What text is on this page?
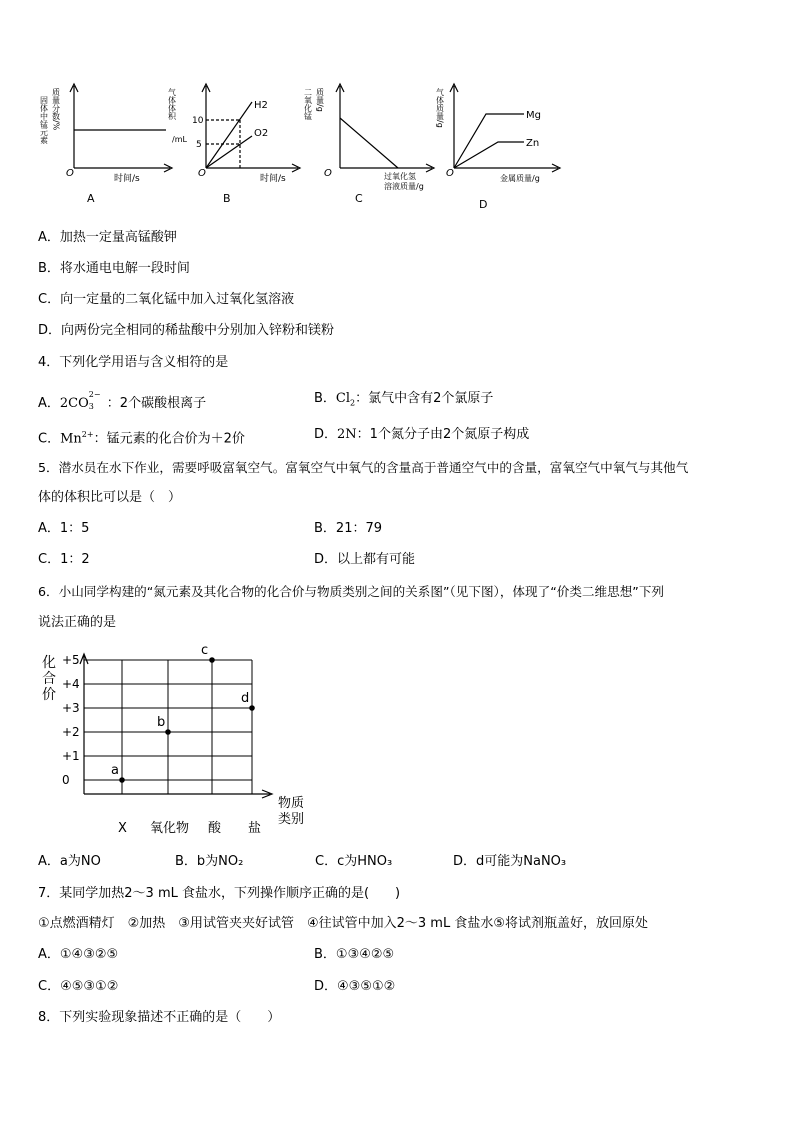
固体中锰元素 质量分数/%
O	时间/s
A
气体体积
/mL
10
5
H2
O2
O	时间/s
B
二氧化锰 质量/g
O	过氧化氢
溶液质量/g
C
气体质量/g	Mg
Zn
O	金属质量/g
D
A．加热一定量高锰酸钾
B．将水通电电解一段时间
C．向一定量的二氧化锰中加入过氧化氢溶液
D．向两份完全相同的稀盐酸中分别加入锌粉和镁粉
4．下列化学用语与含义相符的是
A．2CO
2−
3 ：2个碳酸根离子	B．$Cl_2$：氯气中含有2个氯原子
C．$Mn^{2+}$：锰元素的化合价为＋2价	D．2N：1个氮分子由2个氮原子构成
5．潜水员在水下作业，需要呼吸富氧空气。富氧空气中氧气的含量高于普通空气中的含量，富氧空气中氧气与其他气
体的体积比可以是（　）
A．1：5	B．21：79
C．1：2	D．以上都有可能
6．小山同学构建的“氮元素及其化合物的化合价与物质类别之间的关系图”（见下图），体现了“价类二维思想”下列
说法正确的是
+5
+4
+3
+2
+1
0
X 氧化物 酸 盐
a
b
c
d
化合价
物质类别
A．a为NO	B．b为NO₂	C．c为HNO₃	D．d可能为NaNO₃
7．某同学加热2～3 mL 食盐水，下列操作顺序正确的是(　　)
①点燃酒精灯　②加热　③用试管夹夹好试管　④往试管中加入2～3 mL 食盐水⑤将试剂瓶盖好，放回原处
A．①④③②⑤	B．①③④②⑤
C．④⑤③①②	D．④③⑤①②
8．下列实验现象描述不正确的是（　　）
